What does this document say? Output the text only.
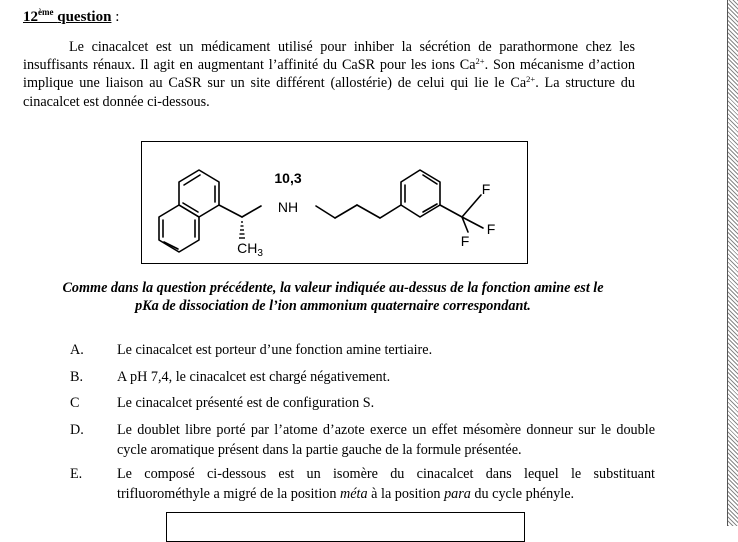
12ème question :
Le cinacalcet est un médicament utilisé pour inhiber la sécrétion de parathormone chez les insuffisants rénaux. Il agit en augmentant l’affinité du CaSR pour les ions $Ca^{2+}$. Son mécanisme d’action implique une liaison au CaSR sur un site différent (allostérie) de celui qui lie le $Ca^{2+}$. La structure du cinacalcet est donnée ci-dessous.
10,3
NH
$CH_3$
F
F
F
Comme dans la question précédente, la valeur indiquée au-dessus de la fonction amine est le
pKa de dissociation de l’ion ammonium quaternaire correspondant.
A. Le cinacalcet est porteur d’une fonction amine tertiaire.
B. A pH 7,4, le cinacalcet est chargé négativement.
C	Le cinacalcet présenté est de configuration S.
D. Le doublet libre porté par l’atome d’azote exerce un effet mésomère donneur sur le double cycle aromatique présent dans la partie gauche de la formule présentée.
E. Le composé ci-dessous est un isomère du cinacalcet dans lequel le substituant trifluorométhyle a migré de la position méta à la position para du cycle phényle.
